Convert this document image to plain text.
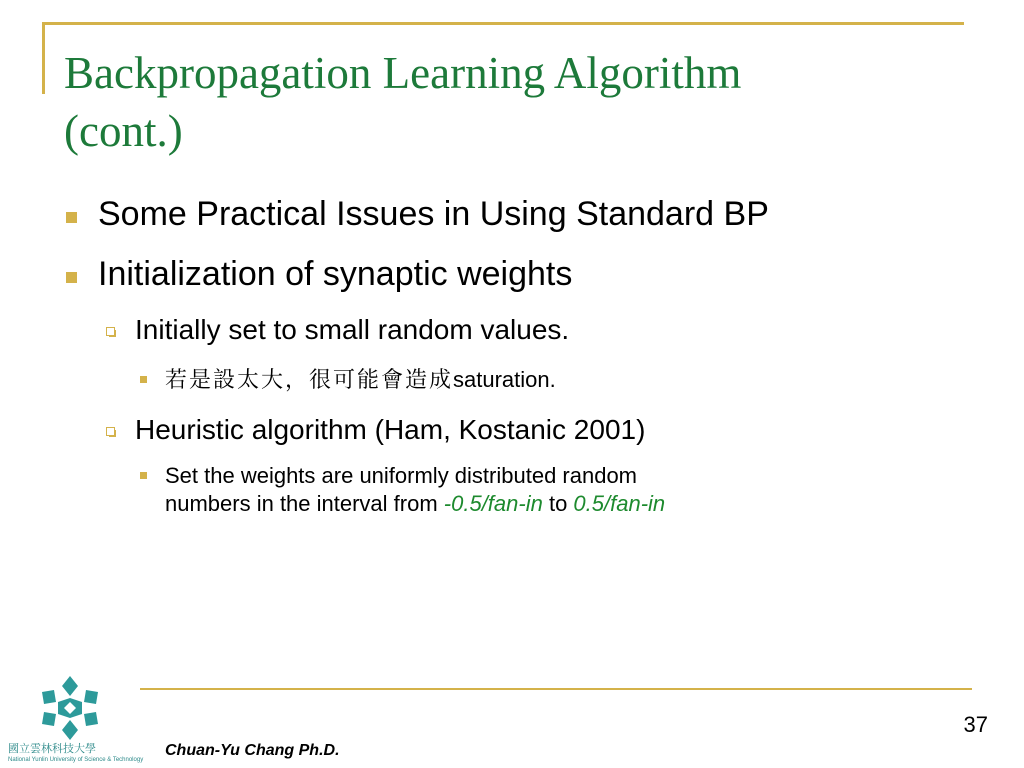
Backpropagation Learning Algorithm
(cont.)
Some Practical Issues in Using Standard BP
Initialization of synaptic weights
Initially set to small random values.
若是設太大，很可能會造成saturation.
Heuristic algorithm (Ham, Kostanic 2001)
Set the weights are uniformly distributed random
numbers in the interval from -0.5/fan-in to 0.5/fan-in
國立雲林科技大學
National Yunlin University of Science & Technology
Chuan-Yu Chang Ph.D.
37
